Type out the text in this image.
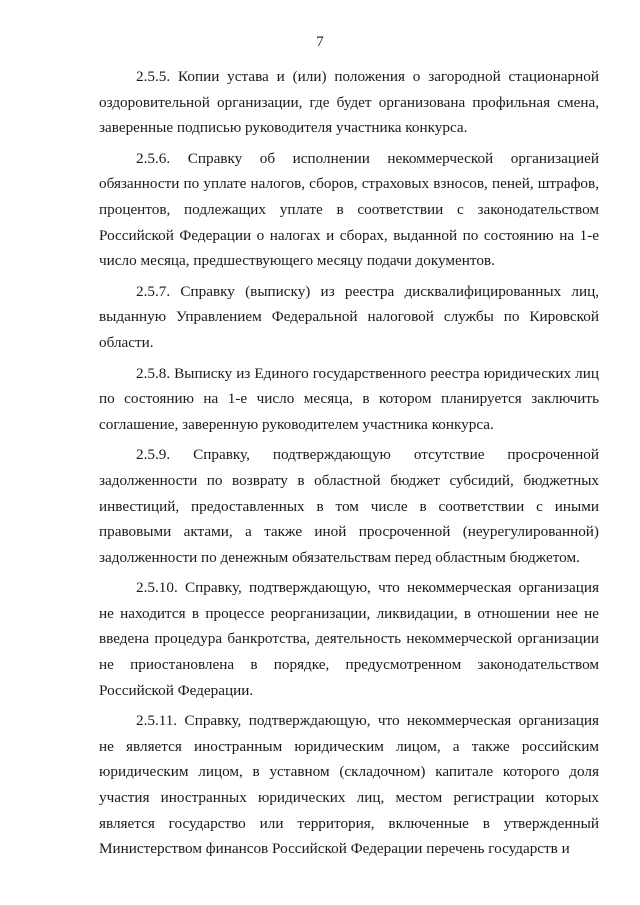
7

2.5.5. Копии устава и (или) положения о загородной стационарной оздоровительной организации, где будет организована профильная смена, заверенные подписью руководителя участника конкурса.

2.5.6. Справку об исполнении некоммерческой организацией обязанности по уплате налогов, сборов, страховых взносов, пеней, штрафов, процентов, подлежащих уплате в соответствии с законодательством Российской Федерации о налогах и сборах, выданной по состоянию на 1-е число месяца, предшествующего месяцу подачи документов.

2.5.7. Справку (выписку) из реестра дисквалифицированных лиц, выданную Управлением Федеральной налоговой службы по Кировской области.

2.5.8. Выписку из Единого государственного реестра юридических лиц по состоянию на 1-е число месяца, в котором планируется заключить соглашение, заверенную руководителем участника конкурса.

2.5.9. Справку, подтверждающую отсутствие просроченной задолженности по возврату в областной бюджет субсидий, бюджетных инвестиций, предоставленных в том числе в соответствии с иными правовыми актами, а также иной просроченной (неурегулированной) задолженности по денежным обязательствам перед областным бюджетом.

2.5.10. Справку, подтверждающую, что некоммерческая организация не находится в процессе реорганизации, ликвидации, в отношении нее не введена процедура банкротства, деятельность некоммерческой организации не приостановлена в порядке, предусмотренном законодательством Российской Федерации.

2.5.11. Справку, подтверждающую, что некоммерческая организация не является иностранным юридическим лицом, а также российским юридическим лицом, в уставном (складочном) капитале которого доля участия иностранных юридических лиц, местом регистрации которых является государство или территория, включенные в утвержденный Министерством финансов Российской Федерации перечень государств и
